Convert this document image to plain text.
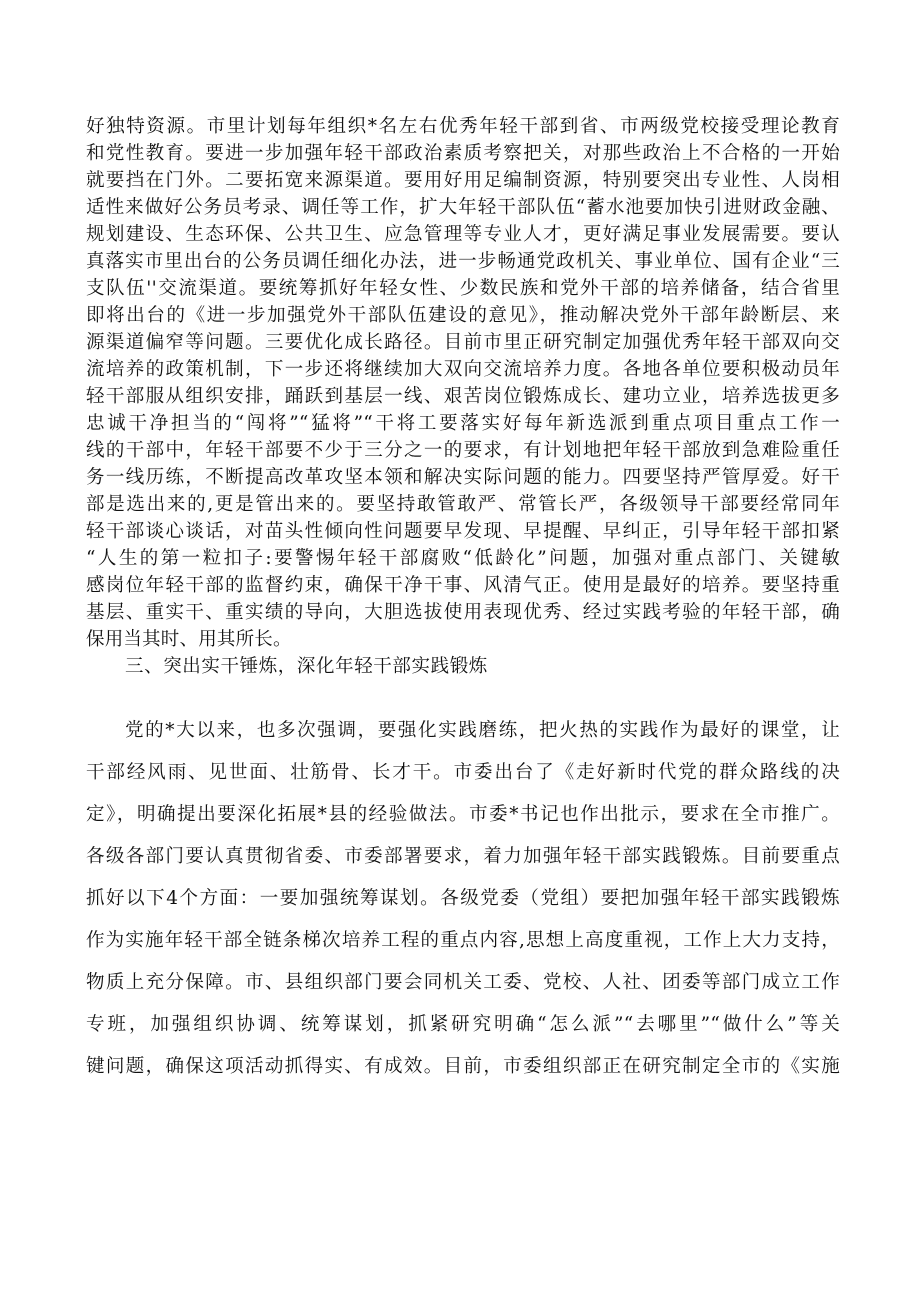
好独特资源。市里计划每年组织*名左右优秀年轻干部到省、市两级党校接受理论教育

和党性教育。要进一步加强年轻干部政治素质考察把关，对那些政治上不合格的一开始

就要挡在门外。二要拓宽来源渠道。要用好用足编制资源，特别要突出专业性、人岗相

适性来做好公务员考录、调任等工作，扩大年轻干部队伍“蓄水池要加快引进财政金融、

规划建设、生态环保、公共卫生、应急管理等专业人才，更好满足事业发展需要。要认

真落实市里出台的公务员调任细化办法，进一步畅通党政机关、事业单位、国有企业“三

支队伍''交流渠道。要统筹抓好年轻女性、少数民族和党外干部的培养储备，结合省里

即将出台的《进一步加强党外干部队伍建设的意见》，推动解决党外干部年龄断层、来

源渠道偏窄等问题。三要优化成长路径。目前市里正研究制定加强优秀年轻干部双向交

流培养的政策机制，下一步还将继续加大双向交流培养力度。各地各单位要积极动员年

轻干部服从组织安排，踊跃到基层一线、艰苦岗位锻炼成长、建功立业，培养选拔更多

忠诚干净担当的“闯将”“猛将”“干将工要落实好每年新选派到重点项目重点工作一

线的干部中，年轻干部要不少于三分之一的要求，有计划地把年轻干部放到急难险重任

务一线历练，不断提高改革攻坚本领和解决实际问题的能力。四要坚持严管厚爱。好干

部是选出来的,更是管出来的。要坚持敢管敢严、常管长严，各级领导干部要经常同年

轻干部谈心谈话，对苗头性倾向性问题要早发现、早提醒、早纠正，引导年轻干部扣紧

“人生的第一粒扣子:要警惕年轻干部腐败“低龄化”问题，加强对重点部门、关键敏

感岗位年轻干部的监督约束，确保干净干事、风清气正。使用是最好的培养。要坚持重

基层、重实干、重实绩的导向，大胆选拔使用表现优秀、经过实践考验的年轻干部，确

保用当其时、用其所长。

三、突出实干锤炼，深化年轻干部实践锻炼

党的*大以来，也多次强调，要强化实践磨练，把火热的实践作为最好的课堂，让

干部经风雨、见世面、壮筋骨、长才干。市委出台了《走好新时代党的群众路线的决

定》，明确提出要深化拓展*县的经验做法。市委*书记也作出批示，要求在全市推广。

各级各部门要认真贯彻省委、市委部署要求，着力加强年轻干部实践锻炼。目前要重点

抓好以下4个方面：一要加强统筹谋划。各级党委（党组）要把加强年轻干部实践锻炼

作为实施年轻干部全链条梯次培养工程的重点内容,思想上高度重视，工作上大力支持，

物质上充分保障。市、县组织部门要会同机关工委、党校、人社、团委等部门成立工作

专班，加强组织协调、统筹谋划，抓紧研究明确“怎么派”“去哪里”“做什么”等关

键问题，确保这项活动抓得实、有成效。目前，市委组织部正在研究制定全市的《实施
